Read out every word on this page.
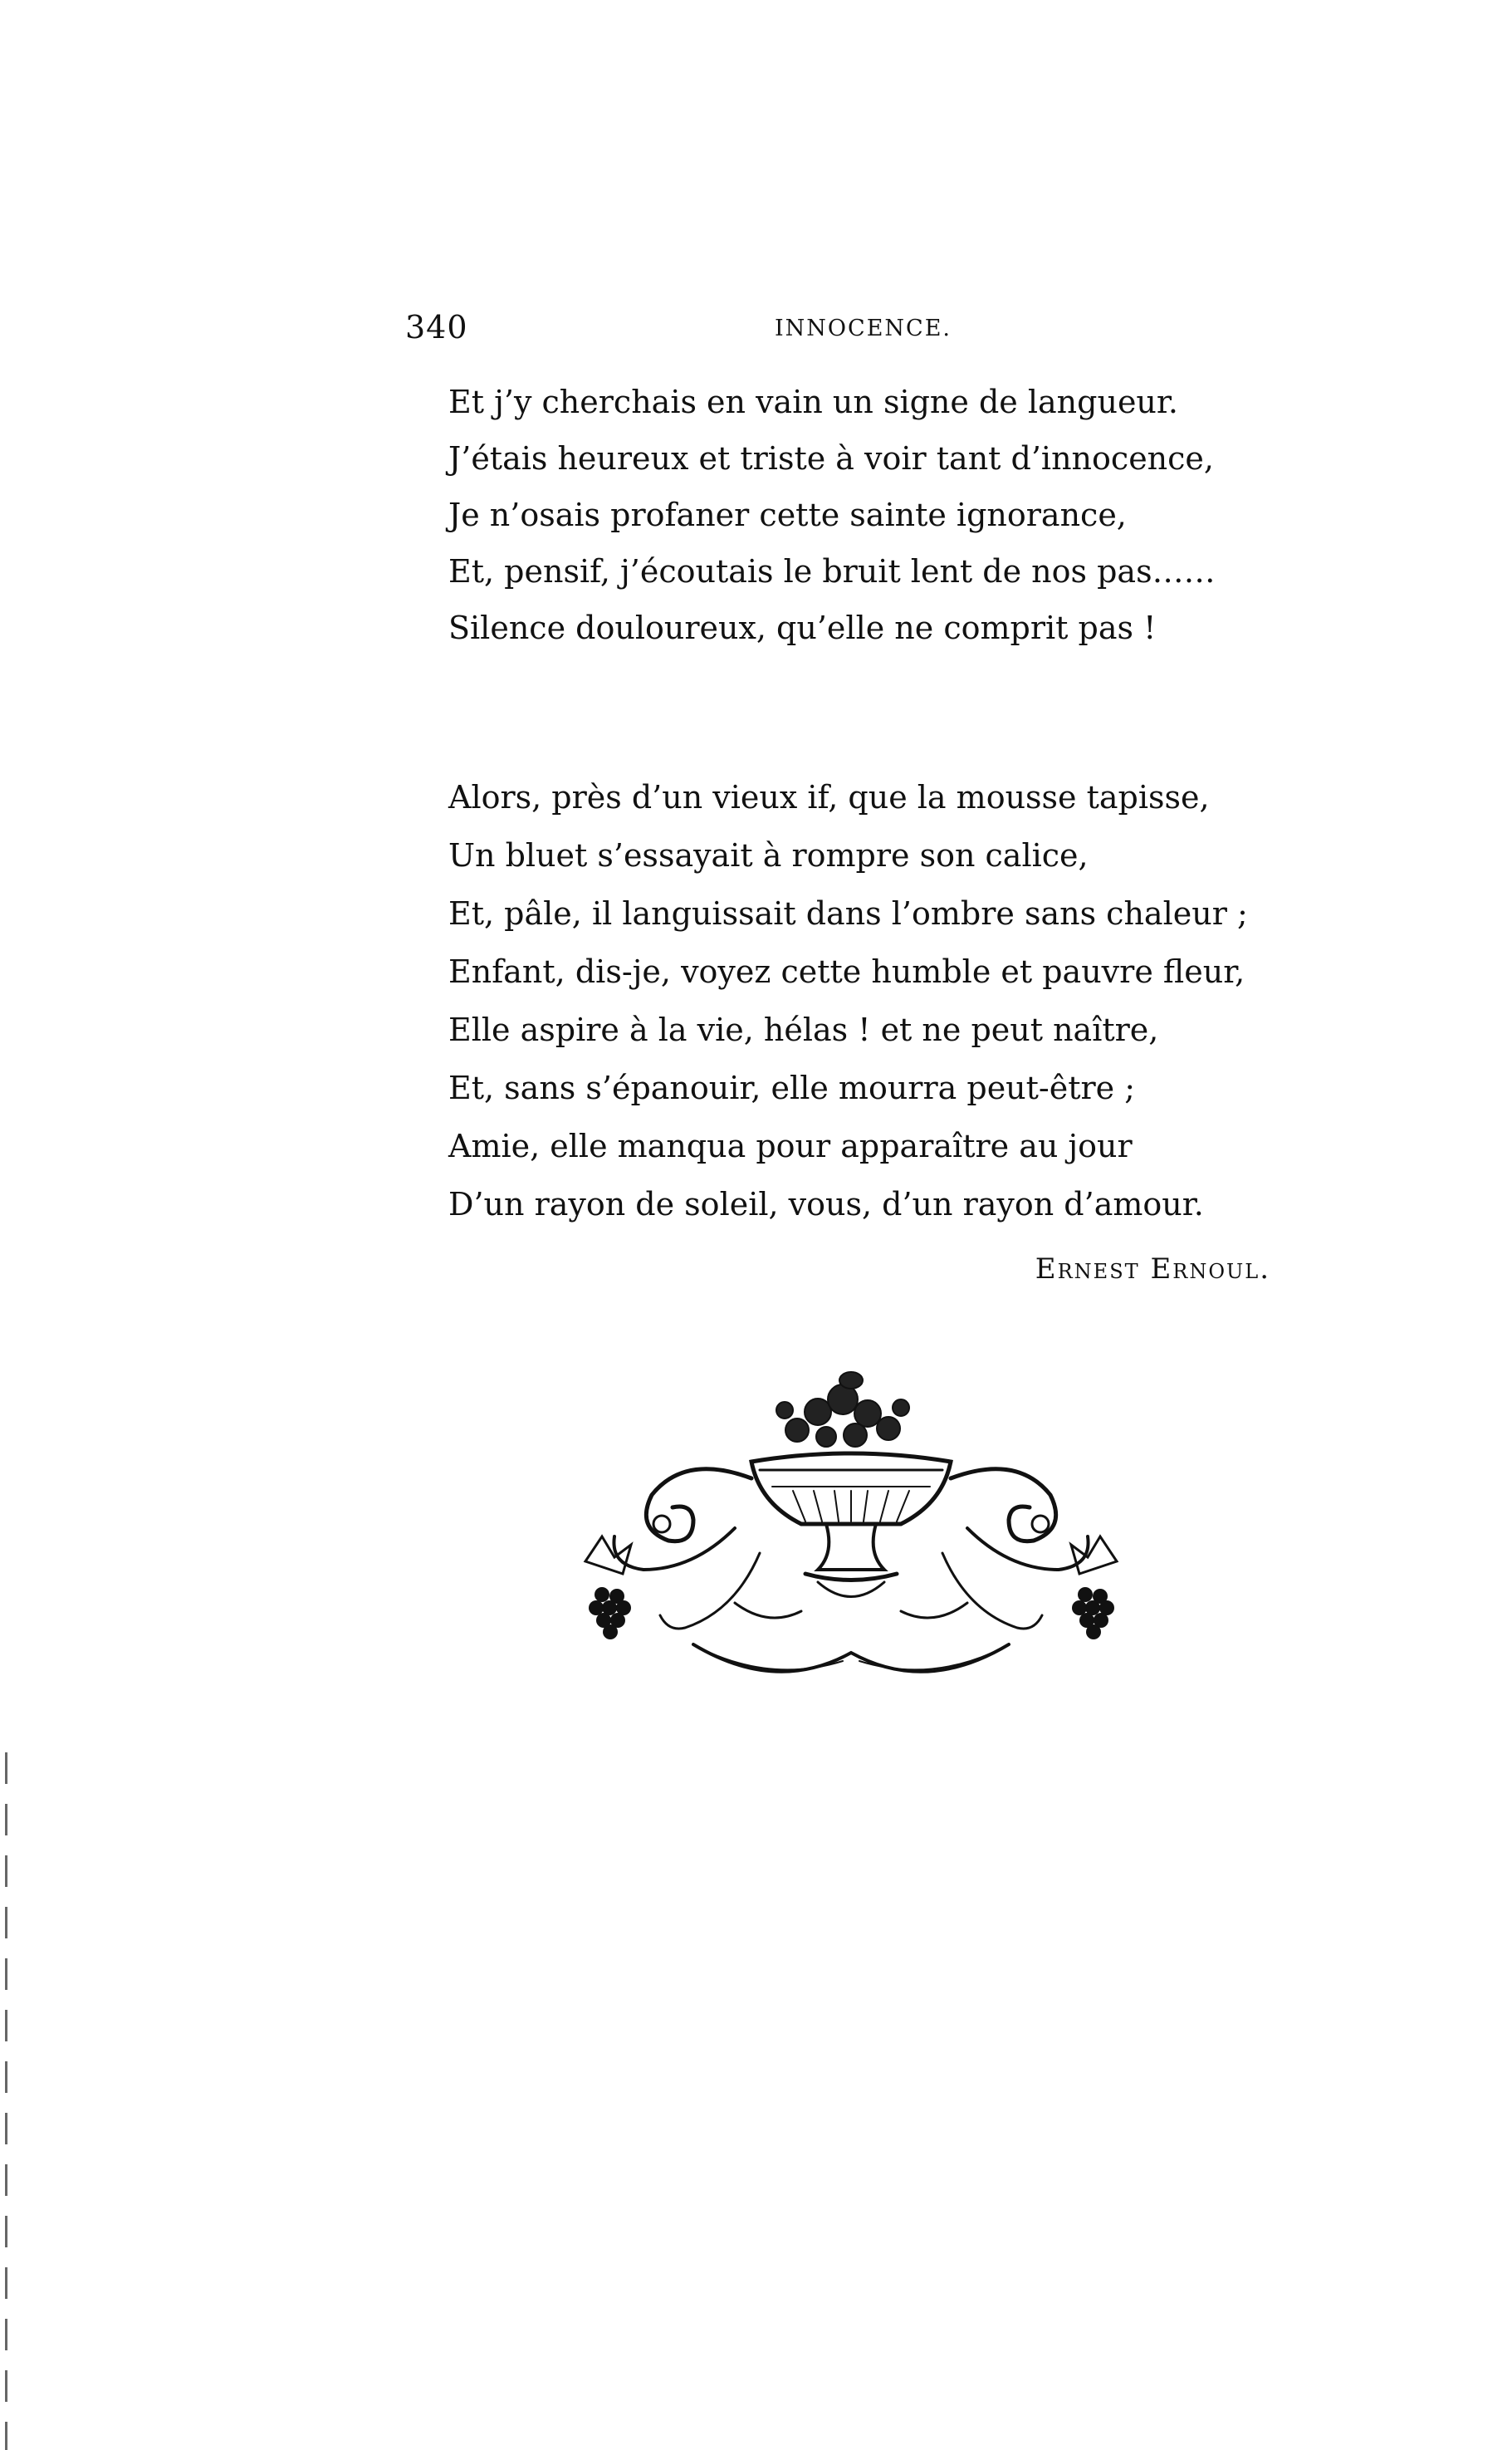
340	INNOCENCE.
Et j’y cherchais en vain un signe de langueur.
J’étais heureux et triste à voir tant d’innocence,
Je n’osais profaner cette sainte ignorance,
Et, pensif, j’écoutais le bruit lent de nos pas……
Silence douloureux, qu’elle ne comprit pas !
Alors, près d’un vieux if, que la mousse tapisse,
Un bluet s’essayait à rompre son calice,
Et, pâle, il languissait dans l’ombre sans chaleur ;
Enfant, dis-je, voyez cette humble et pauvre fleur,
Elle aspire à la vie, hélas ! et ne peut naître,
Et, sans s’épanouir, elle mourra peut-être ;
Amie, elle manqua pour apparaître au jour
D’un rayon de soleil, vous, d’un rayon d’amour.
Ernest Ernoul.
